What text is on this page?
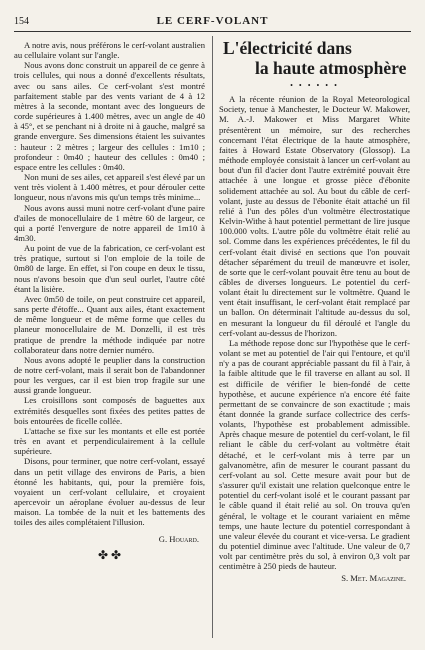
154	LE CERF-VOLANT

A notre avis, nous préférons le cerf-volant australien au cellulaire volant sur l'angle.

Nous avons donc construit un appareil de ce genre à trois cellules, qui nous a donné d'excellents résultats, avec ou sans ailes. Ce cerf-volant s'est montré parfaitement stable par des vents variant de 4 à 12 mètres à la seconde, montant avec des longueurs de corde supérieures à 1.400 mètres, avec un angle de 40 à 45°, et se penchant ni à droite ni à gauche, malgré sa grande envergure. Ses dimensions étaient les suivantes : hauteur : 2 mètres ; largeur des cellules : 1m10 ; profondeur : 0m40 ; hauteur des cellules : 0m40 ; espace entre les cellules : 0m40.

Non muni de ses ailes, cet appareil s'est élevé par un vent très violent à 1.400 mètres, et pour dérouler cette longueur, nous n'avons mis qu'un temps très minime...

Nous avons aussi muni notre cerf-volant d'une paire d'ailes de monocellulaire de 1 mètre 60 de largeur, ce qui a porté l'envergure de notre appareil de 1m10 à 4m30.

Au point de vue de la fabrication, ce cerf-volant est très pratique, surtout si l'on emploie de la toile de 0m80 de large. En effet, si l'on coupe en deux le tissu, nous n'avons besoin que d'un seul ourlet, l'autre côté étant la lisière.

Avec 0m50 de toile, on peut construire cet appareil, sans perte d'étoffe... Quant aux ailes, étant exactement de même longueur et de même forme que celles du planeur monocellulaire de M. Donzelli, il est très pratique de prendre la méthode indiquée par notre collaborateur dans notre dernier numéro.

Nous avons adopté le peuplier dans la construction de notre cerf-volant, mais il serait bon de l'abandonner pour les vergues, car il est bien trop fragile sur une aussi grande longueur.

Les croisillons sont composés de baguettes aux extrémités desquelles sont fixées des petites pattes de bois entourées de ficelle collée.

L'attache se fixe sur les montants et elle est portée très en avant et perpendiculairement à la cellule supérieure.

Disons, pour terminer, que notre cerf-volant, essayé dans un petit village des environs de Paris, a bien étonné les habitants, qui, pour la première fois, voyaient un cerf-volant cellulaire, et croyaient apercevoir un aéroplane évoluer au-dessus de leur maison. La tombée de la nuit et les battements des toiles des ailes complétaient l'illusion.

G. Houard.
✤ ✤
L'électricité dans
la haute atmosphère
• • • • • •

A la récente réunion de la Royal Meteorological Society, tenue à Manchester, le Docteur W. Makower, M. A.-J. Makower et Miss Margaret White présentèrent un mémoire, sur des recherches concernant l'état électrique de la haute atmosphère, faites à Howard Estate Observatory (Glossop). La méthode employée consistait à lancer un cerf-volant au bout d'un fil d'acier dont l'autre extrémité pouvait être attachée à une longue et grosse pièce d'ébonite solidement attachée au sol. Au bout du câble de cerf-volant, juste au dessus de l'ébonite était attaché un fil relié à l'un des pôles d'un voltmètre électrostatique Kelvin-Withe à haut potentiel permettant de lire jusque 100.000 volts. L'autre pôle du voltmètre était relié au sol. Comme dans les expériences précédentes, le fil du cerf-volant était divisé en sections que l'on pouvait détacher séparément du treuil de manœuvre et isoler, de sorte que le cerf-volant pouvait être tenu au bout de câbles de diverses longueurs. Le potentiel du cerf-volant était lu directement sur le voltmètre. Quand le vent était insuffisant, le cerf-volant était remplacé par un ballon. On déterminait l'altitude au-dessus du sol, en mesurant la longueur du fil déroulé et l'angle du cerf-volant au-dessus de l'horizon.

La méthode repose donc sur l'hypothèse que le cerf-volant se met au potentiel de l'air qui l'entoure, et qu'il n'y a pas de courant appréciable passant du fil à l'air, à la faible altitude que le fil traverse en allant au sol. Il est difficile de vérifier le bien-fondé de cette hypothèse, et aucune expérience n'a encore été faite permettant de se convaincre de son exactitude ; mais étant donnée la grande surface collectrice des cerfs-volants, l'hypothèse est probablement admissible. Après chaque mesure de potentiel du cerf-volant, le fil reliant le câble du cerf-volant au voltmètre était détaché, et le cerf-volant mis à terre par un galvanomètre, afin de mesurer le courant passant du cerf-volant au sol. Cette mesure avait pour but de s'assurer qu'il existait une relation quelconque entre le potentiel du cerf-volant isolé et le courant passant par le câble quand il était relié au sol. On trouva qu'en général, le voltage et le courant variaient en même temps, une haute lecture du potentiel correspondant à une valeur élevée du courant et vice-versa. Le gradient du potentiel diminue avec l'altitude. Une valeur de 0,7 volt par centimètre près du sol, à environ 0,3 volt par centimètre à 250 pieds de hauteur.

S. Met. Magazine.
